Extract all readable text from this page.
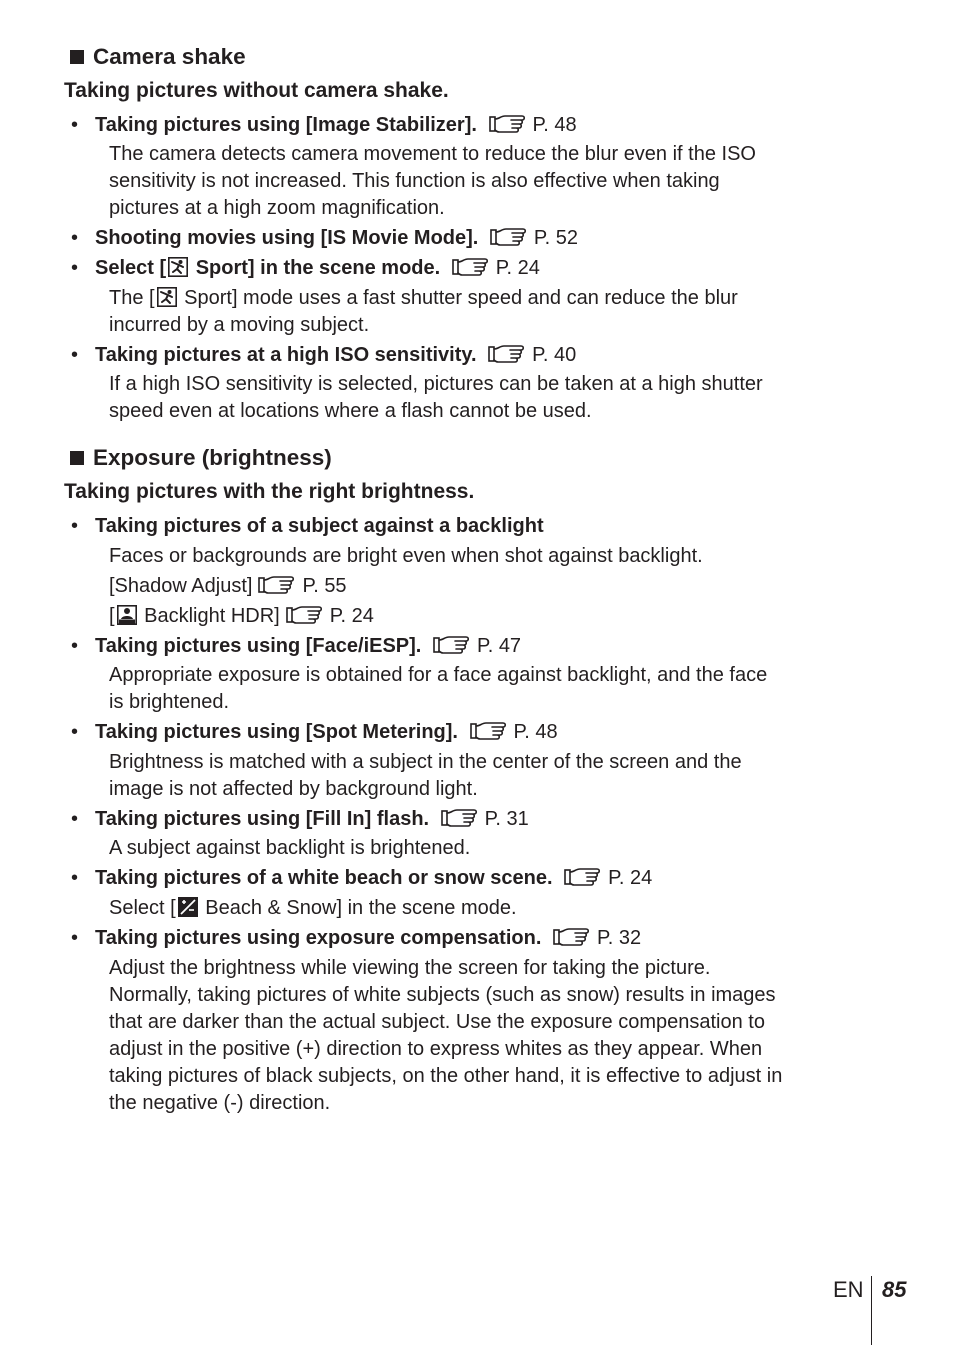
Camera shake
Taking pictures without camera shake.
• Taking pictures using [Image Stabilizer].	P. 48
The camera detects camera movement to reduce the blur even if the ISO
sensitivity is not increased. This function is also effective when taking
pictures at a high zoom magnification.
• Shooting movies using [IS Movie Mode].	P. 52
• Select [ Sport] in the scene mode.	P. 24
The [ Sport] mode uses a fast shutter speed and can reduce the blur
incurred by a moving subject.
• Taking pictures at a high ISO sensitivity.	P. 40
If a high ISO sensitivity is selected, pictures can be taken at a high shutter
speed even at locations where a flash cannot be used.
Exposure (brightness)
Taking pictures with the right brightness.
• Taking pictures of a subject against a backlight
Faces or backgrounds are bright even when shot against backlight.
[Shadow Adjust]	P. 55
[ Backlight HDR]	P. 24
• Taking pictures using [Face/iESP].	P. 47
Appropriate exposure is obtained for a face against backlight, and the face
is brightened.
• Taking pictures using [Spot Metering].	P. 48
Brightness is matched with a subject in the center of the screen and the
image is not affected by background light.
• Taking pictures using [Fill In] flash.	P. 31
A subject against backlight is brightened.
• Taking pictures of a white beach or snow scene.	P. 24
Select [ Beach & Snow] in the scene mode.
• Taking pictures using exposure compensation.	P. 32
Adjust the brightness while viewing the screen for taking the picture.
Normally, taking pictures of white subjects (such as snow) results in images
that are darker than the actual subject. Use the exposure compensation to
adjust in the positive (+) direction to express whites as they appear. When
taking pictures of black subjects, on the other hand, it is effective to adjust in
the negative (-) direction.
EN 85
